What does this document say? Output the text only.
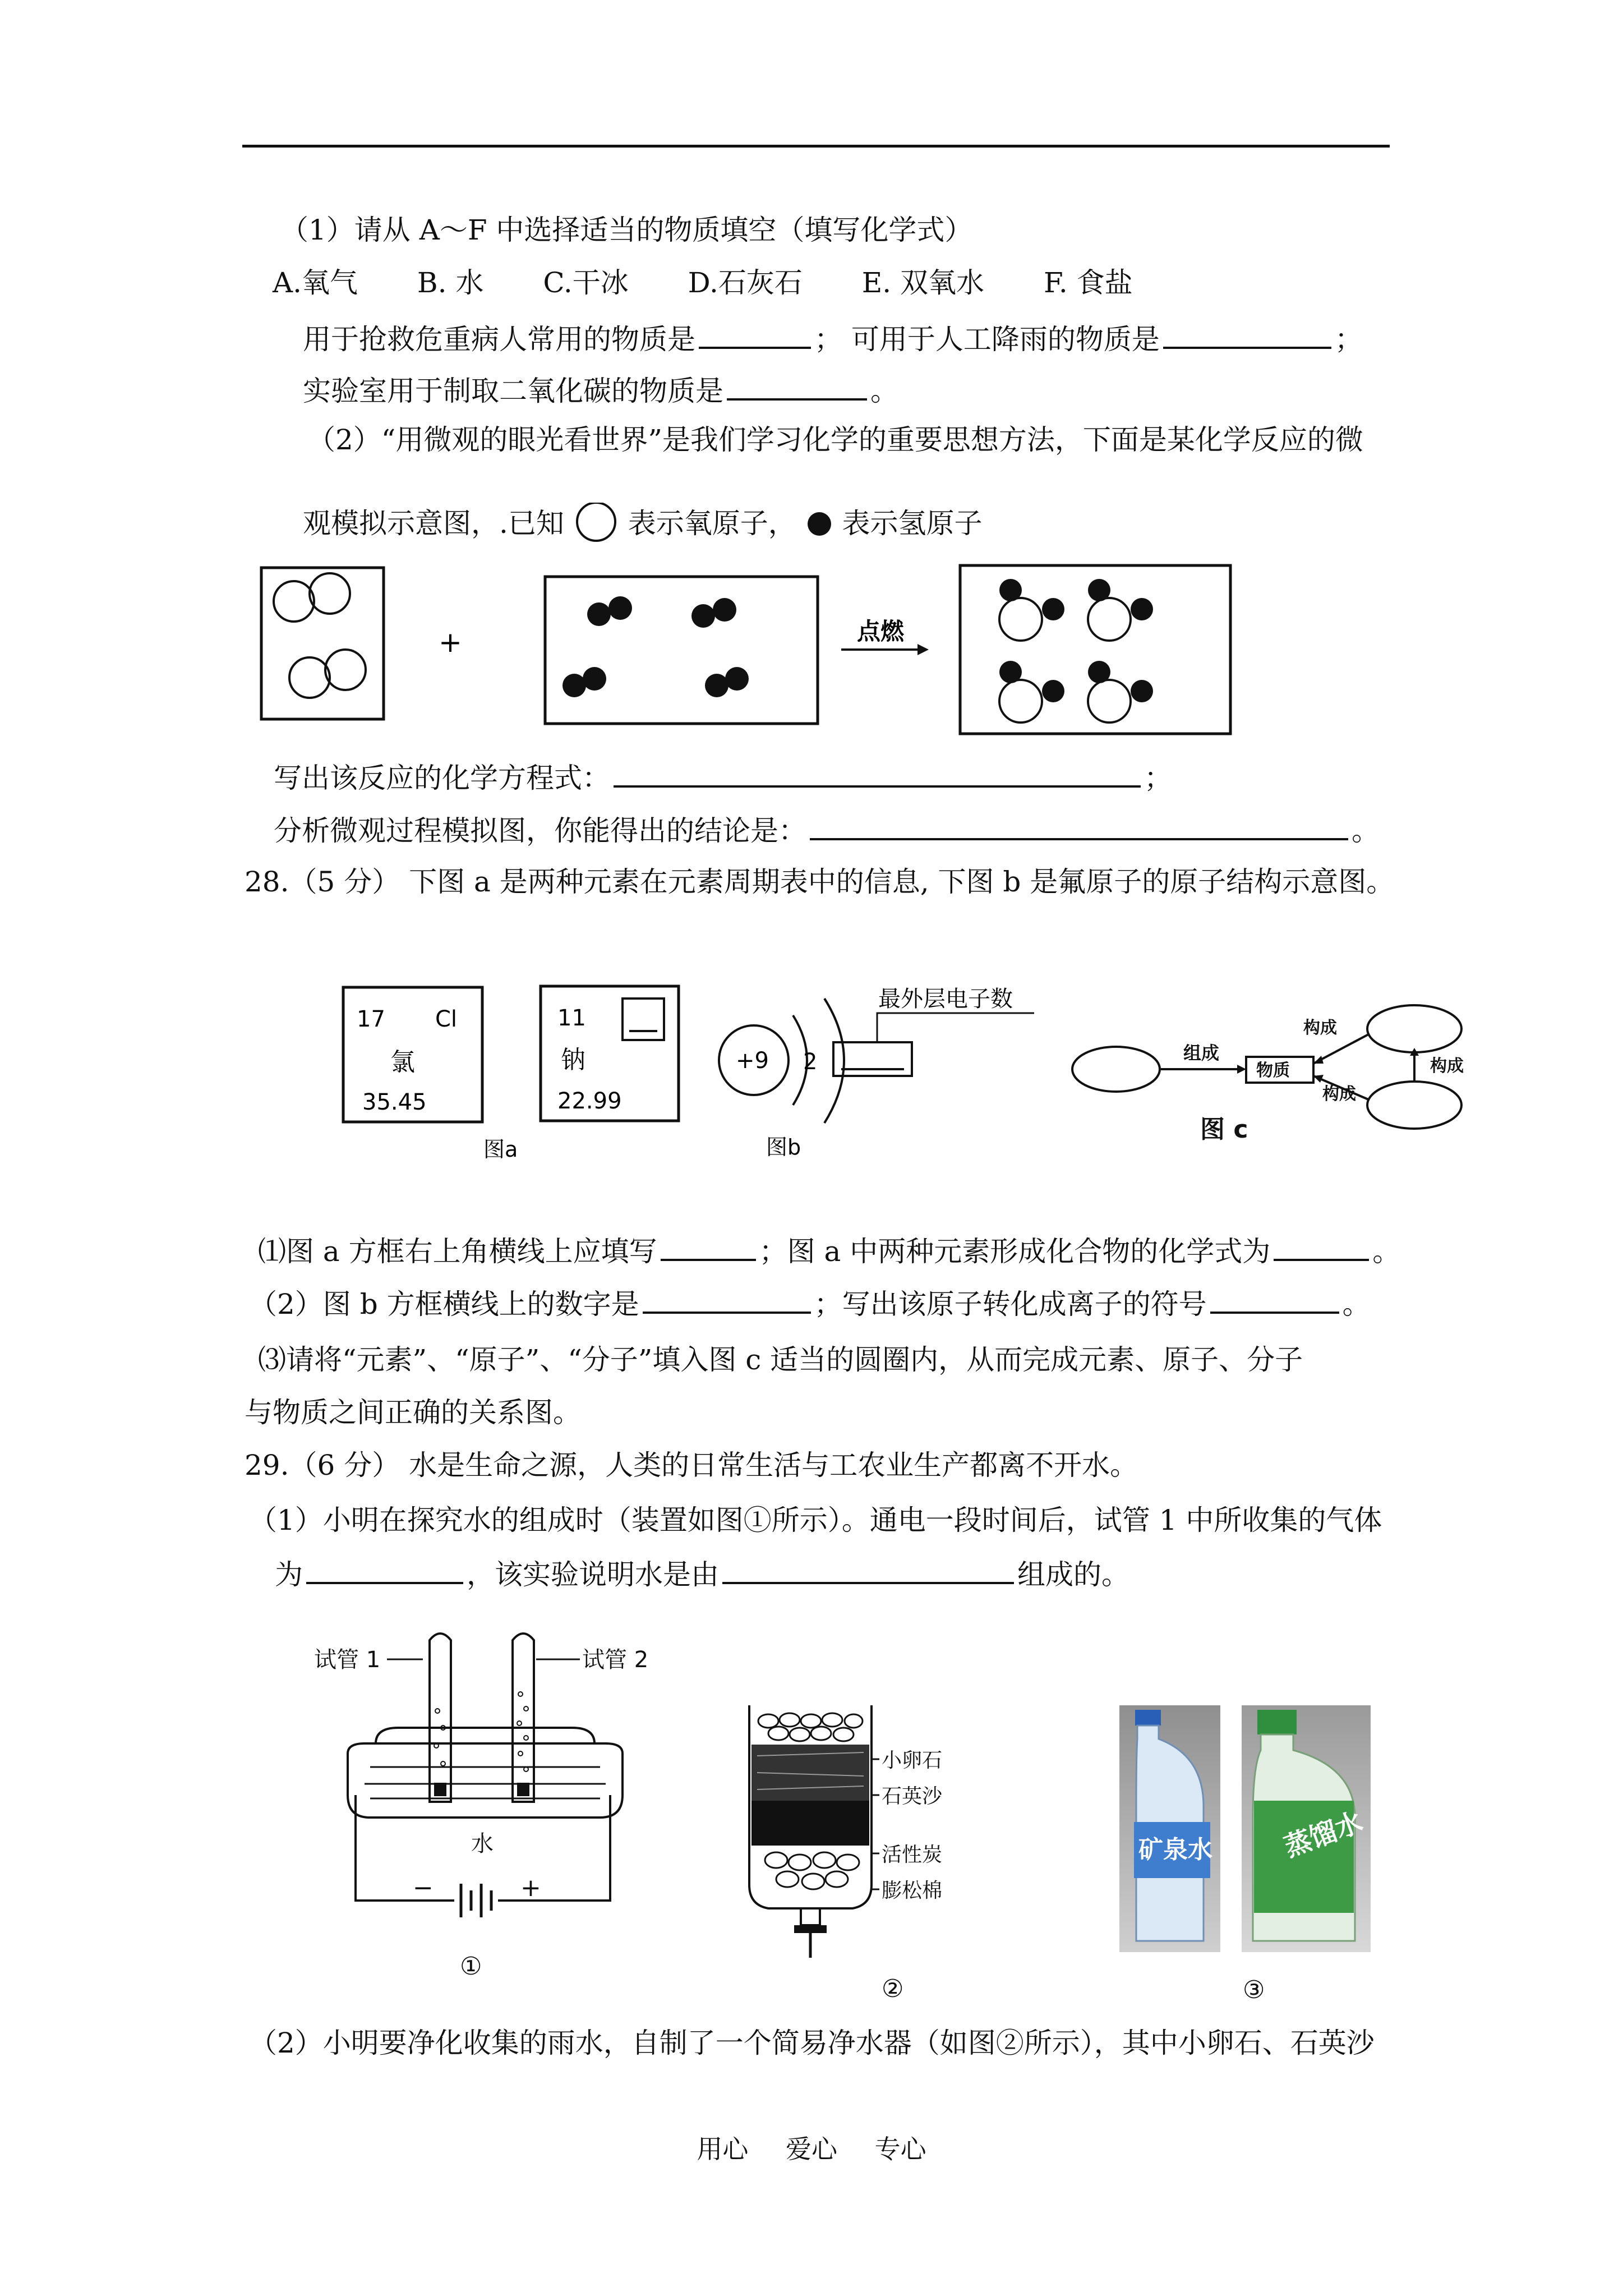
（1）请从 A～F 中选择适当的物质填空（填写化学式）
A.氧气 B. 水 C.干冰 D.石灰石 E. 双氧水 F. 食盐
用于抢救危重病人常用的物质是	； 可用于人工降雨的物质是	；
实验室用于制取二氧化碳的物质是	。
（2）“用微观的眼光看世界”是我们学习化学的重要思想方法，下面是某化学反应的微
观模拟示意图，.已知 表示氧原子， 表示氢原子
+	点燃
写出该反应的化学方程式：	；
分析微观过程模拟图，你能得出的结论是：	。
28.（5 分） 下图 a 是两种元素在元素周期表中的信息, 下图 b 是氟原子的原子结构示意图。
17 Cl
氯
35.45
11
钠
22.99
图a
+9 2
最外层电子数
图b
组成
物质
构成
构成
构成
图 c
⑴图 a 方框右上角横线上应填写	；图 a 中两种元素形成化合物的化学式为	。
（2）图 b 方框横线上的数字是	；写出该原子转化成离子的符号	。
⑶请将“元素”、“原子”、“分子”填入图 c 适当的圆圈内，从而完成元素、原子、分子
与物质之间正确的关系图。
29.（6 分） 水是生命之源，人类的日常生活与工农业生产都离不开水。
（1）小明在探究水的组成时（装置如图①所示）。通电一段时间后，试管 1 中所收集的气体
为	，该实验说明水是由	组成的。
试管 1	试管 2
水
−	+
①
小卵石
石英沙
活性炭
膨松棉
②
矿泉水	蒸馏水
③
（2）小明要净化收集的雨水，自制了一个简易净水器（如图②所示），其中小卵石、石英沙
用心 爱心 专心
